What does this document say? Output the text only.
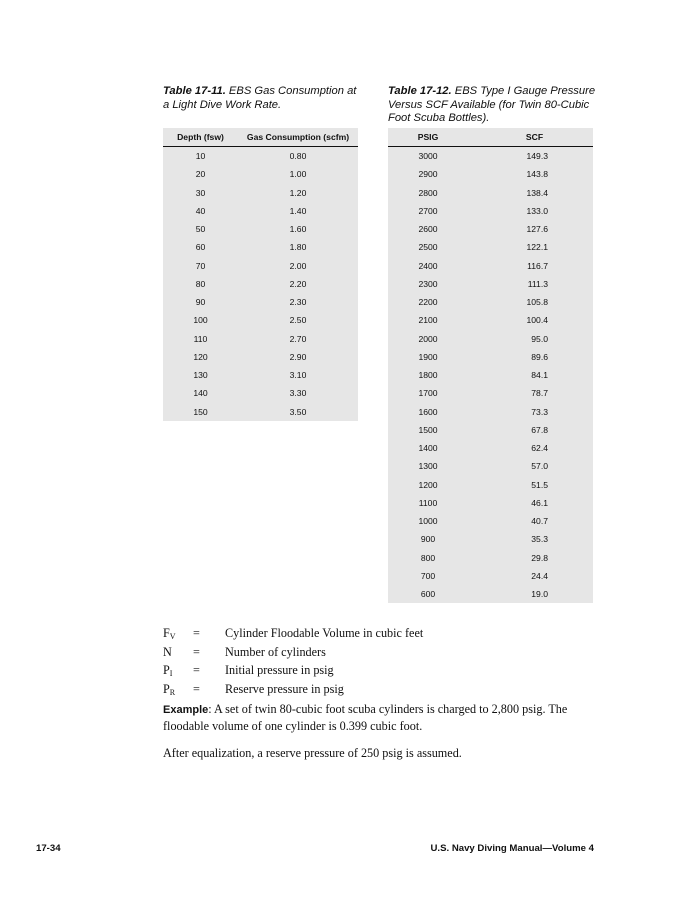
Table 17-11. EBS Gas Consumption at a Light Dive Work Rate.
Table 17-12. EBS Type I Gauge Pressure Versus SCF Available (for Twin 80-Cubic Foot Scuba Bottles).
Depth (fsw)	Gas Consumption (scfm)
10	0.80
20	1.00
30	1.20
40	1.40
50	1.60
60	1.80
70	2.00
80	2.20
90	2.30
100	2.50
110	2.70
120	2.90
130	3.10
140	3.30
150	3.50
PSIG	SCF
3000	149.3
2900	143.8
2800	138.4
2700	133.0
2600	127.6
2500	122.1
2400	116.7
2300	111.3
2200	105.8
2100	100.4
2000	95.0
1900	89.6
1800	84.1
1700	78.7
1600	73.3
1500	67.8
1400	62.4
1300	57.0
1200	51.5
1100	46.1
1000	40.7
900	35.3
800	29.8
700	24.4
600	19.0
$F_V$	=	Cylinder Floodable Volume in cubic feet
N	=	Number of cylinders
$P_I$	=	Initial pressure in psig
$P_R$	=	Reserve pressure in psig
Example: A set of twin 80-cubic foot scuba cylinders is charged to 2,800 psig. The floodable volume of one cylinder is 0.399 cubic foot.
After equalization, a reserve pressure of 250 psig is assumed.
17-34	U.S. Navy Diving Manual—Volume 4
